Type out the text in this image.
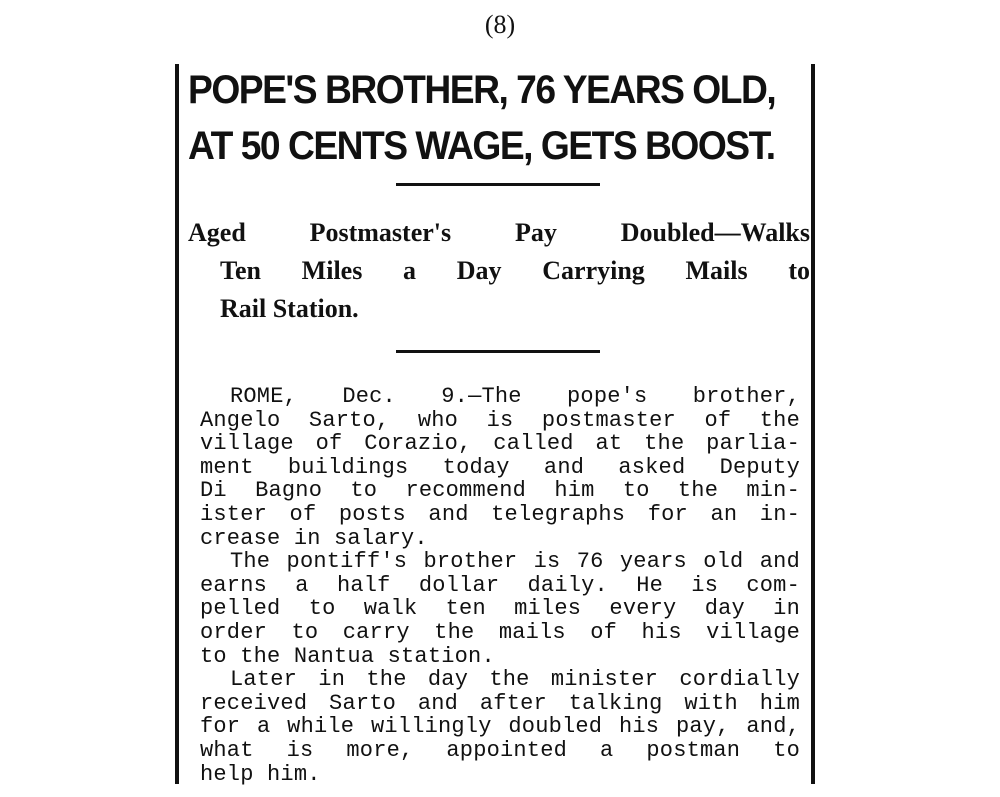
(8)
POPE'S BROTHER, 76 YEARS OLD,
AT 50 CENTS WAGE, GETS BOOST.
Aged Postmaster's Pay Doubled—Walks
Ten Miles a Day Carrying Mails to
Rail Station.
ROME, Dec. 9.—The pope's brother,
Angelo Sarto, who is postmaster of the
village of Corazio, called at the parlia-
ment buildings today and asked Deputy
Di Bagno to recommend him to the min-
ister of posts and telegraphs for an in-
crease in salary.
The pontiff's brother is 76 years old and
earns a half dollar daily. He is com-
pelled to walk ten miles every day in
order to carry the mails of his village
to the Nantua station.
Later in the day the minister cordially
received Sarto and after talking with him
for a while willingly doubled his pay, and,
what is more, appointed a postman to
help him.
